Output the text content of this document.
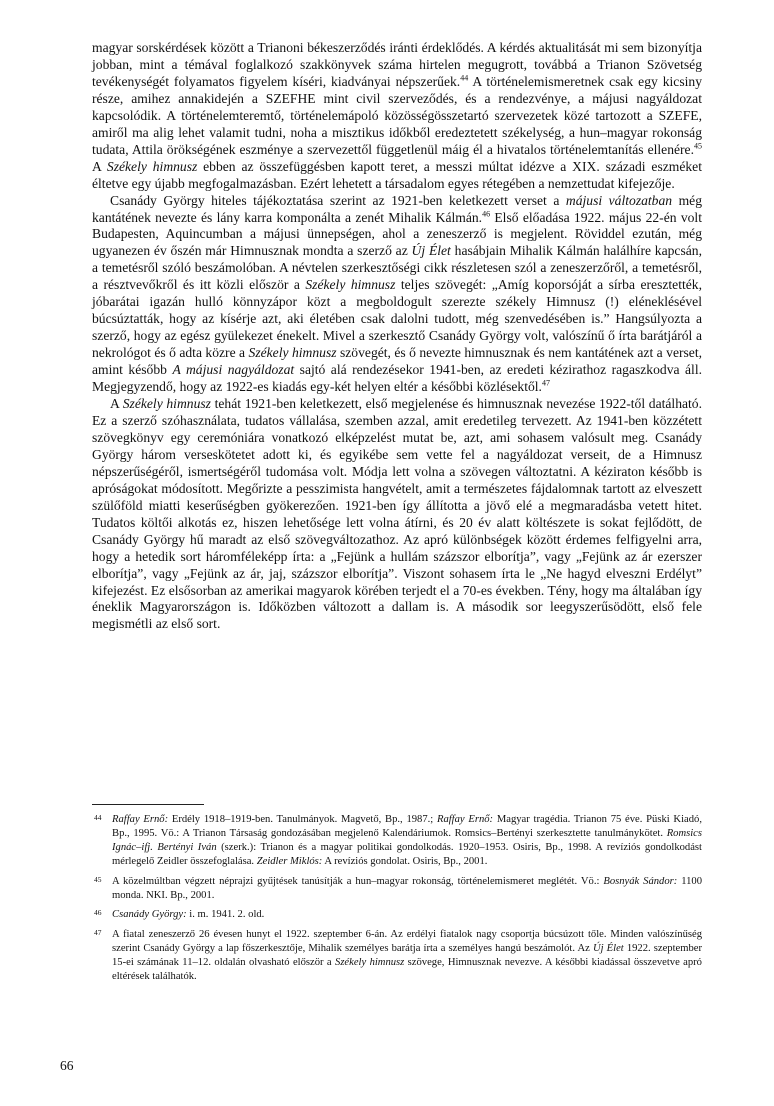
magyar sorskérdések között a Trianoni békeszerződés iránti érdeklődés. A kérdés aktualitását mi sem bizonyítja jobban, mint a témával foglalkozó szakkönyvek száma hirtelen megugrott, továbbá a Trianon Szövetség tevékenységét folyamatos figyelem kíséri, kiadványai népszerűek.$^{44}$ A történelemismeretnek csak egy kicsiny része, amihez annakidején a SZEFHE mint civil szerveződés, és a rendezvénye, a májusi nagyáldozat kapcsolódik. A történelemteremtő, történelemápoló közösségösszetartó szervezetek közé tartozott a SZEFE, amiről ma alig lehet valamit tudni, noha a misztikus időkből eredeztetett székelység, a hun–magyar rokonság tudata, Attila örökségének eszménye a szervezettől függetlenül máig él a hivatalos történelemtanítás ellenére.$^{45}$ A Székely himnusz ebben az összefüggésben kapott teret, a messzi múltat idézve a XIX. századi eszméket éltetve egy újabb megfogalmazásban. Ezért lehetett a társadalom egyes rétegében a nemzettudat kifejezője.

Csanády György hiteles tájékoztatása szerint az 1921-ben keletkezett verset a májusi változatban még kantátének nevezte és lány karra komponálta a zenét Mihalik Kálmán.$^{46}$ Első előadása 1922. május 22-én volt Budapesten, Aquincumban a májusi ünnepségen, ahol a zeneszerző is megjelent. Röviddel ezután, még ugyanezen év őszén már Himnusznak mondta a szerző az Új Élet hasábjain Mihalik Kálmán halálhíre kapcsán, a temetésről szóló beszámolóban. A névtelen szerkesztőségi cikk részletesen szól a zeneszerzőről, a temetésről, a résztvevőkről és itt közli először a Székely himnusz teljes szövegét: „Amíg koporsóját a sírba eresztették, jóbarátai igazán hulló könnyzápor közt a megboldogult szerezte székely Himnusz (!) eléneklésével búcsúztatták, hogy az kísérje azt, aki életében csak dalolni tudott, még szenvedésében is.” Hangsúlyozta a szerző, hogy az egész gyülekezet énekelt. Mivel a szerkesztő Csanády György volt, valószínű ő írta barátjáról a nekrológot és ő adta közre a Székely himnusz szövegét, és ő nevezte himnusznak és nem kantátének azt a verset, amint később A májusi nagyáldozat sajtó alá rendezésekor 1941-ben, az eredeti kézirathoz ragaszkodva áll. Megjegyzendő, hogy az 1922-es kiadás egy-két helyen eltér a későbbi közlésektől.$^{47}$

A Székely himnusz tehát 1921-ben keletkezett, első megjelenése és himnusznak nevezése 1922-től datálható. Ez a szerző szóhasználata, tudatos vállalása, szemben azzal, amit eredetileg tervezett. Az 1941-ben közzétett szövegkönyv egy ceremóniára vonatkozó elképzelést mutat be, azt, ami sohasem valósult meg. Csanády György három verseskötetet adott ki, és egyikébe sem vette fel a nagyáldozat verseit, de a Himnusz népszerűségéről, ismertségéről tudomása volt. Módja lett volna a szövegen változtatni. A kéziraton később is apróságokat módosított. Megőrizte a pesszimista hangvételt, amit a természetes fájdalomnak tartott az elveszett szülőföld miatti keserűségben gyökerezően. 1921-ben így állította a jövő elé a megmaradásba vetett hitet. Tudatos költői alkotás ez, hiszen lehetősége lett volna átírni, és 20 év alatt költészete is sokat fejlődött, de Csanády György hű maradt az első szövegváltozathoz. Az apró különbségek között érdemes felfigyelni arra, hogy a hetedik sort háromféleképp írta: a „Fejünk a hullám százszor elborítja”, vagy „Fejünk az ár ezerszer elborítja”, vagy „Fejünk az ár, jaj, százszor elborítja”. Viszont sohasem írta le „Ne hagyd elveszni Erdélyt” kifejezést. Ez elsősorban az amerikai magyarok körében terjedt el a 70-es években. Tény, hogy ma általában így éneklik Magyarországon is. Időközben változott a dallam is. A második sor leegyszerűsödött, első fele megismétli az első sort.

44 Raffay Ernő: Erdély 1918–1919-ben. Tanulmányok. Magvető, Bp., 1987.; Raffay Ernő: Magyar tragédia. Trianon 75 éve. Püski Kiadó, Bp., 1995. Vö.: A Trianon Társaság gondozásában megjelenő Kalendáriumok. Romsics–Bertényi szerkesztette tanulmánykötet. Romsics Ignác–ifj. Bertényi Iván (szerk.): Trianon és a magyar politikai gondolkodás. 1920–1953. Osiris, Bp., 1998. A revíziós gondolkodást mérlegelő Zeidler összefoglalása. Zeidler Miklós: A revíziós gondolat. Osiris, Bp., 2001.
45 A közelmúltban végzett néprajzi gyűjtések tanúsítják a hun–magyar rokonság, történelemismeret meglétét. Vö.: Bosnyák Sándor: 1100 monda. NKI. Bp., 2001.
46 Csanády György: i. m. 1941. 2. old.
47 A fiatal zeneszerző 26 évesen hunyt el 1922. szeptember 6-án. Az erdélyi fiatalok nagy csoportja búcsúzott tőle. Minden valószínűség szerint Csanády György a lap főszerkesztője, Mihalik személyes barátja írta a személyes hangú beszámolót. Az Új Élet 1922. szeptember 15-ei számának 11–12. oldalán olvasható először a Székely himnusz szövege, Himnusznak nevezve. A későbbi kiadással összevetve apró eltérések találhatók.
66
